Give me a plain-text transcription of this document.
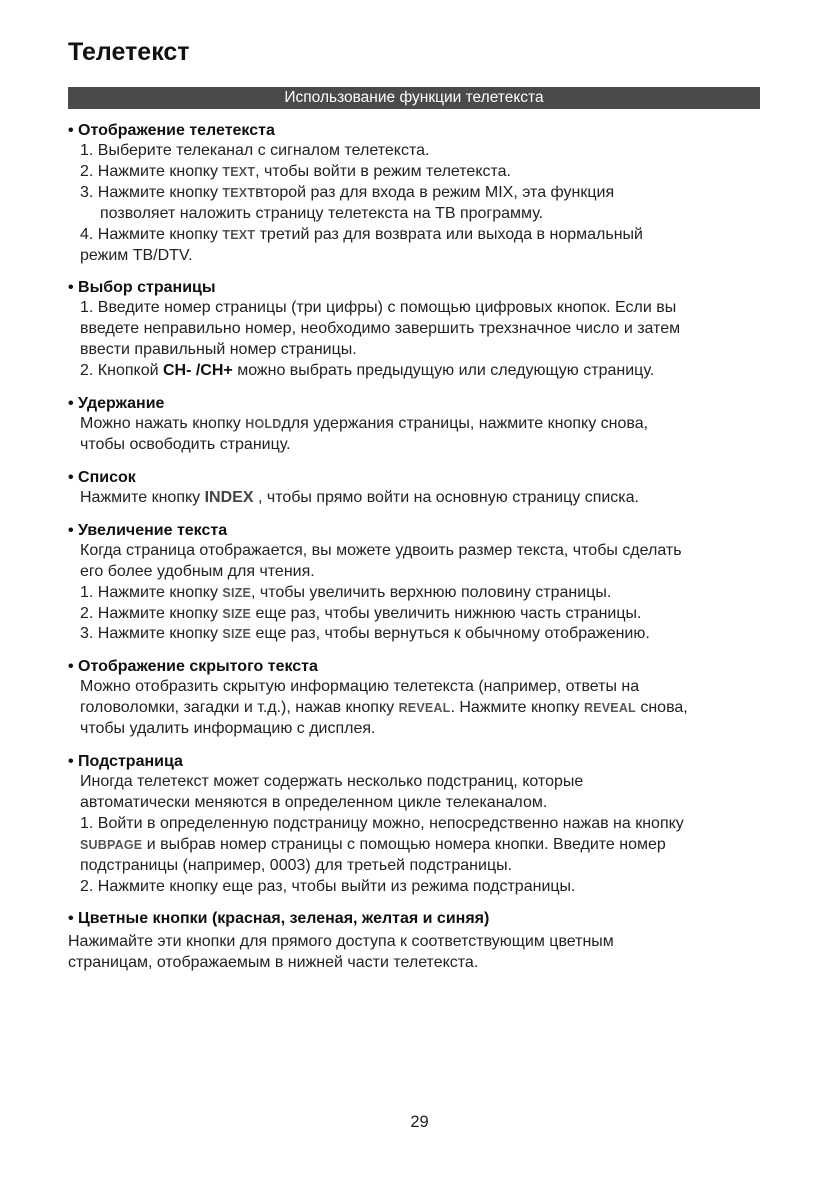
Телетекст
Использование функции телетекста
• Отображение телетекста
1. Выберите телеканал с сигналом телетекста.
2. Нажмите кнопку TEXT, чтобы войти в режим телетекста.
3. Нажмите кнопку TEXTвторой раз для входа в режим MIX, эта функция
позволяет наложить страницу телетекста на ТВ программу.
4. Нажмите кнопку TEXT третий раз для возврата или выхода в нормальный
режим ТВ/DTV.
• Выбор страницы
1. Введите номер страницы (три цифры) с помощью цифровых кнопок. Если вы
введете неправильно номер, необходимо завершить трехзначное число и затем
ввести правильный номер страницы.
2. Кнопкой CH- /CH+ можно выбрать предыдущую или следующую страницу.
• Удержание
Можно нажать кнопку HOLDдля удержания страницы, нажмите кнопку снова,
чтобы освободить страницу.
• Список
Нажмите кнопку INDEX , чтобы прямо войти на основную страницу списка.
• Увеличение текста
Когда страница отображается, вы можете удвоить размер текста, чтобы сделать
его более удобным для чтения.
1. Нажмите кнопку SIZE, чтобы увеличить верхнюю половину страницы.
2. Нажмите кнопку SIZE еще раз, чтобы увеличить нижнюю часть страницы.
3. Нажмите кнопку SIZE еще раз, чтобы вернуться к обычному отображению.
• Отображение скрытого текста
Можно отобразить скрытую информацию телетекста (например, ответы на
головоломки, загадки и т.д.), нажав кнопку REVEAL. Нажмите кнопку REVEAL снова,
чтобы удалить информацию с дисплея.
• Подстраница
Иногда телетекст может содержать несколько подстраниц, которые
автоматически меняются в определенном цикле телеканалом.
1. Войти в определенную подстраницу можно, непосредственно нажав на кнопку
SUBPAGE и выбрав номер страницы с помощью номера кнопки. Введите номер
подстраницы (например, 0003) для третьей подстраницы.
2. Нажмите кнопку еще раз, чтобы выйти из режима подстраницы.
• Цветные кнопки (красная, зеленая, желтая и синяя)
Нажимайте эти кнопки для прямого доступа к соответствующим цветным
страницам, отображаемым в нижней части телетекста.
29
